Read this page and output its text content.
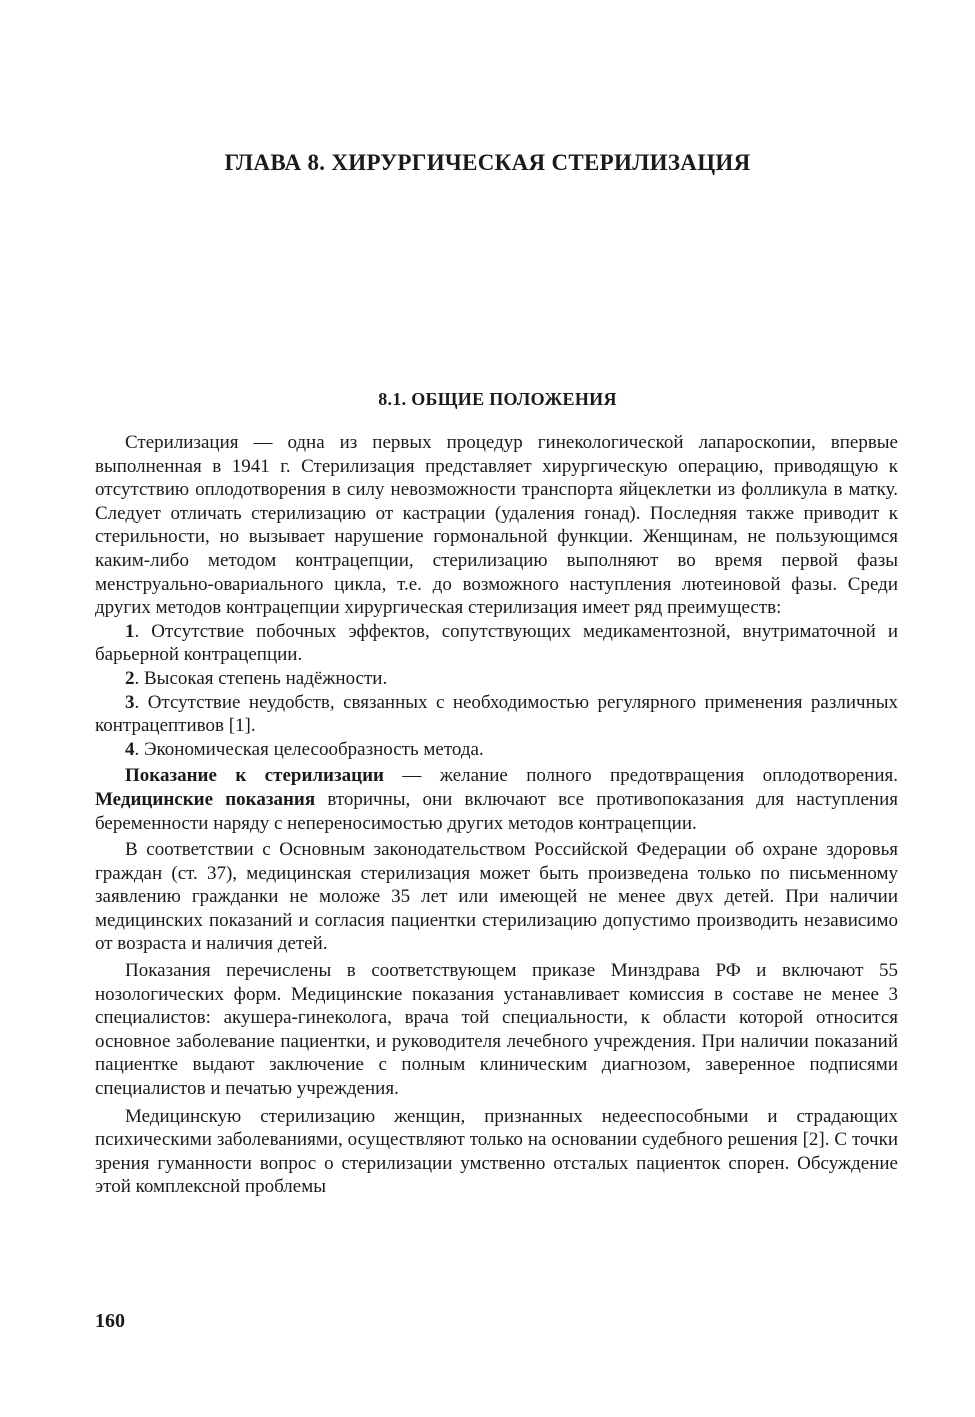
ГЛАВА 8. ХИРУРГИЧЕСКАЯ СТЕРИЛИЗАЦИЯ
8.1. ОБЩИЕ ПОЛОЖЕНИЯ

Стерилизация — одна из первых процедур гинекологической лапароскопии, впервые выполненная в 1941 г. Стерилизация представляет хирургическую операцию, приводящую к отсутствию оплодотворения в силу невозможности транспорта яйцеклетки из фолликула в матку. Следует отличать стерилизацию от кастрации (удаления гонад). Последняя также приводит к стерильности, но вызывает нарушение гормональной функции. Женщинам, не пользующимся каким-либо методом контрацепции, стерилизацию выполняют во время первой фазы менструально-овариального цикла, т.е. до возможного наступления лютеиновой фазы. Среди других методов контрацепции хирургическая стерилизация имеет ряд преимуществ:

1. Отсутствие побочных эффектов, сопутствующих медикаментозной, внутриматочной и барьерной контрацепции.

2. Высокая степень надёжности.

3. Отсутствие неудобств, связанных с необходимостью регулярного применения различных контрацептивов [1].

4. Экономическая целесообразность метода.

Показание к стерилизации — желание полного предотвращения оплодотворения. Медицинские показания вторичны, они включают все противопоказания для наступления беременности наряду с непереносимостью других методов контрацепции.

В соответствии с Основным законодательством Российской Федерации об охране здоровья граждан (ст. 37), медицинская стерилизация может быть произведена только по письменному заявлению гражданки не моложе 35 лет или имеющей не менее двух детей. При наличии медицинских показаний и согласия пациентки стерилизацию допустимо производить независимо от возраста и наличия детей.

Показания перечислены в соответствующем приказе Минздрава РФ и включают 55 нозологических форм. Медицинские показания устанавливает комиссия в составе не менее 3 специалистов: акушера-гинеколога, врача той специальности, к области которой относится основное заболевание пациентки, и руководителя лечебного учреждения. При наличии показаний пациентке выдают заключение с полным клиническим диагнозом, заверенное подписями специалистов и печатью учреждения.

Медицинскую стерилизацию женщин, признанных недееспособными и страдающих психическими заболеваниями, осуществляют только на основании судебного решения [2]. С точки зрения гуманности вопрос о стерилизации умственно отсталых пациенток спорен. Обсуждение этой комплексной проблемы

160
